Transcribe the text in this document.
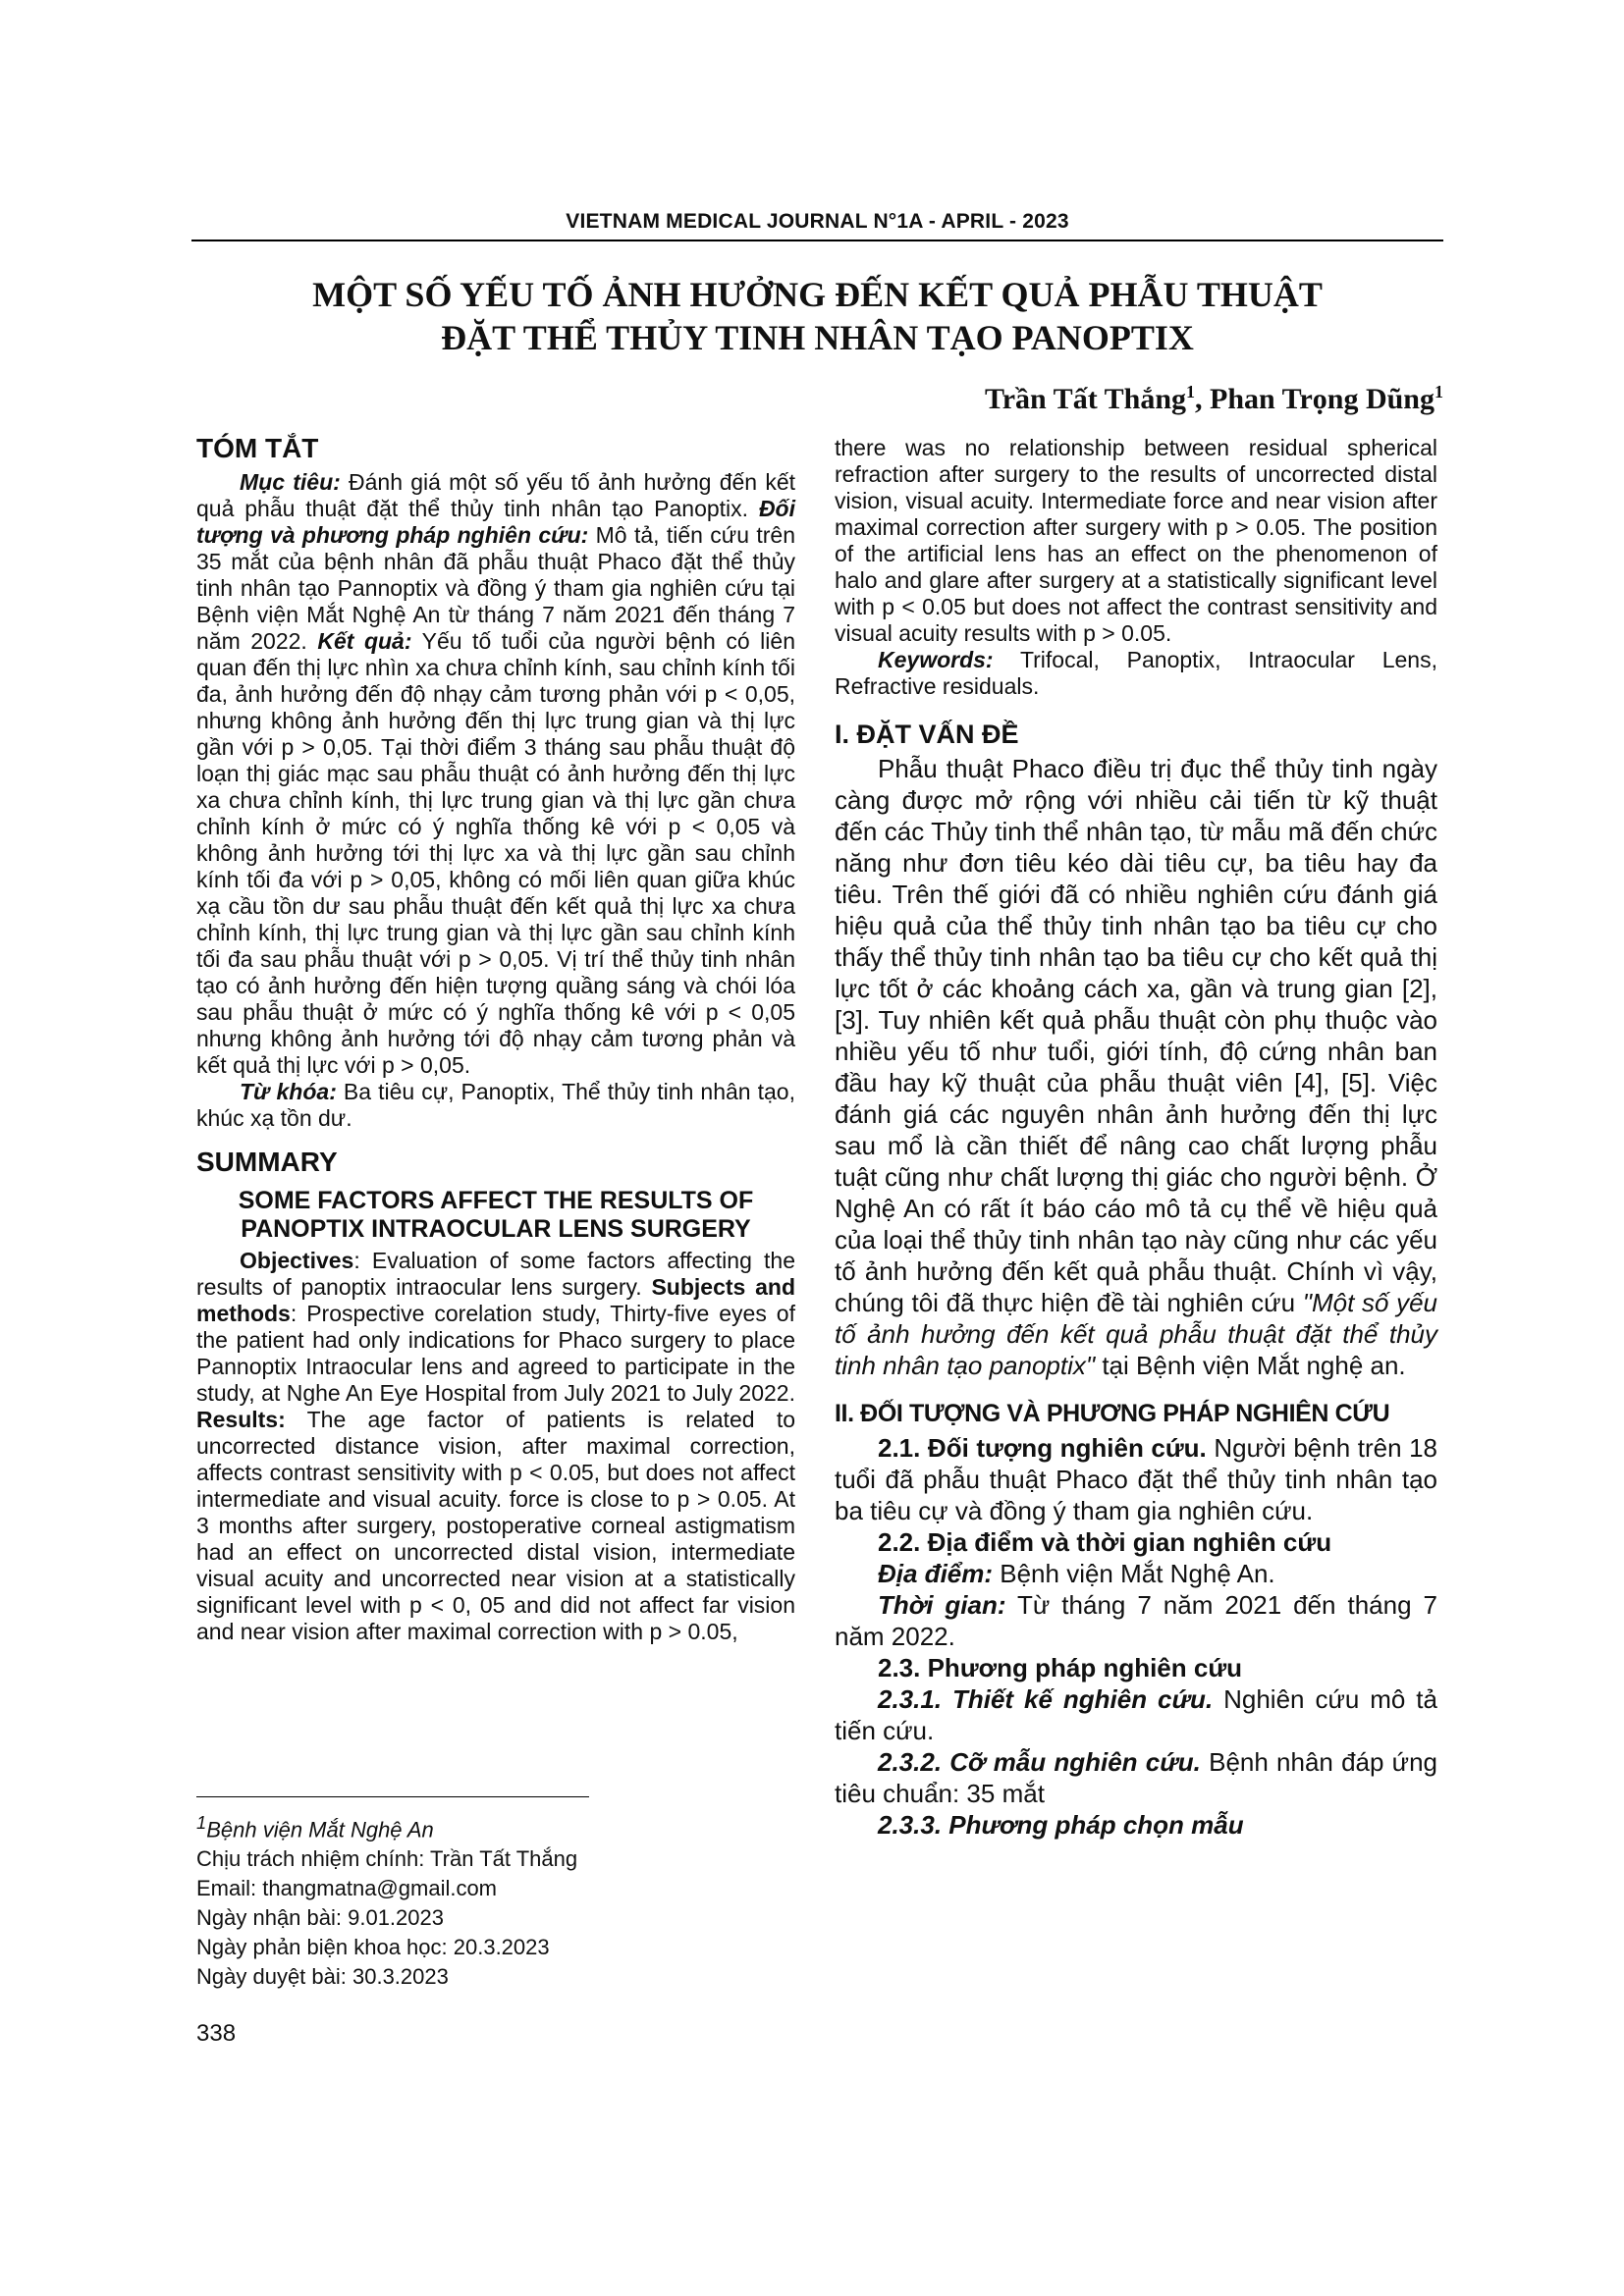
VIETNAM MEDICAL JOURNAL N°1A - APRIL - 2023
MỘT SỐ YẾU TỐ ẢNH HƯỞNG ĐẾN KẾT QUẢ PHẪU THUẬT
ĐẶT THỂ THỦY TINH NHÂN TẠO PANOPTIX
Trần Tất Thắng$^1$, Phan Trọng Dũng$^1$
TÓM TẮT

Mục tiêu: Đánh giá một số yếu tố ảnh hưởng đến kết quả phẫu thuật đặt thể thủy tinh nhân tạo Panoptix. Đối tượng và phương pháp nghiên cứu: Mô tả, tiến cứu trên 35 mắt của bệnh nhân đã phẫu thuật Phaco đặt thể thủy tinh nhân tạo Pannoptix và đồng ý tham gia nghiên cứu tại Bệnh viện Mắt Nghệ An từ tháng 7 năm 2021 đến tháng 7 năm 2022. Kết quả: Yếu tố tuổi của người bệnh có liên quan đến thị lực nhìn xa chưa chỉnh kính, sau chỉnh kính tối đa, ảnh hưởng đến độ nhạy cảm tương phản với p < 0,05, nhưng không ảnh hưởng đến thị lực trung gian và thị lực gần với p > 0,05. Tại thời điểm 3 tháng sau phẫu thuật độ loạn thị giác mạc sau phẫu thuật có ảnh hưởng đến thị lực xa chưa chỉnh kính, thị lực trung gian và thị lực gần chưa chỉnh kính ở mức có ý nghĩa thống kê với p < 0,05 và không ảnh hưởng tới thị lực xa và thị lực gần sau chỉnh kính tối đa với p > 0,05, không có mối liên quan giữa khúc xạ cầu tồn dư sau phẫu thuật đến kết quả thị lực xa chưa chỉnh kính, thị lực trung gian và thị lực gần sau chỉnh kính tối đa sau phẫu thuật với p > 0,05. Vị trí thể thủy tinh nhân tạo có ảnh hưởng đến hiện tượng quầng sáng và chói lóa sau phẫu thuật ở mức có ý nghĩa thống kê với p < 0,05 nhưng không ảnh hưởng tới độ nhạy cảm tương phản và kết quả thị lực với p > 0,05.

Từ khóa: Ba tiêu cự, Panoptix, Thể thủy tinh nhân tạo, khúc xạ tồn dư.

SUMMARY
SOME FACTORS AFFECT THE RESULTS OF PANOPTIX INTRAOCULAR LENS SURGERY

Objectives: Evaluation of some factors affecting the results of panoptix intraocular lens surgery. Subjects and methods: Prospective corelation study, Thirty-five eyes of the patient had only indications for Phaco surgery to place Pannoptix Intraocular lens and agreed to participate in the study, at Nghe An Eye Hospital from July 2021 to July 2022. Results: The age factor of patients is related to uncorrected distance vision, after maximal correction, affects contrast sensitivity with p < 0.05, but does not affect intermediate and visual acuity. force is close to p > 0.05. At 3 months after surgery, postoperative corneal astigmatism had an effect on uncorrected distal vision, intermediate visual acuity and uncorrected near vision at a statistically significant level with p < 0, 05 and did not affect far vision and near vision after maximal correction with p > 0.05,

$^1$Bệnh viện Mắt Nghệ An
Chịu trách nhiệm chính: Trần Tất Thắng
Email: thangmatna@gmail.com
Ngày nhận bài: 9.01.2023
Ngày phản biện khoa học: 20.3.2023
Ngày duyệt bài: 30.3.2023
338

there was no relationship between residual spherical refraction after surgery to the results of uncorrected distal vision, visual acuity. Intermediate force and near vision after maximal correction after surgery with p > 0.05. The position of the artificial lens has an effect on the phenomenon of halo and glare after surgery at a statistically significant level with p < 0.05 but does not affect the contrast sensitivity and visual acuity results with p > 0.05.

Keywords: Trifocal, Panoptix, Intraocular Lens, Refractive residuals.

I. ĐẶT VẤN ĐỀ

Phẫu thuật Phaco điều trị đục thể thủy tinh ngày càng được mở rộng với nhiều cải tiến từ kỹ thuật đến các Thủy tinh thể nhân tạo, từ mẫu mã đến chức năng như đơn tiêu kéo dài tiêu cự, ba tiêu hay đa tiêu. Trên thế giới đã có nhiều nghiên cứu đánh giá hiệu quả của thể thủy tinh nhân tạo ba tiêu cự cho thấy thể thủy tinh nhân tạo ba tiêu cự cho kết quả thị lực tốt ở các khoảng cách xa, gần và trung gian [2], [3]. Tuy nhiên kết quả phẫu thuật còn phụ thuộc vào nhiều yếu tố như tuổi, giới tính, độ cứng nhân ban đầu hay kỹ thuật của phẫu thuật viên [4], [5]. Việc đánh giá các nguyên nhân ảnh hưởng đến thị lực sau mổ là cần thiết để nâng cao chất lượng phẫu tuật cũng như chất lượng thị giác cho người bệnh. Ở Nghệ An có rất ít báo cáo mô tả cụ thể về hiệu quả của loại thể thủy tinh nhân tạo này cũng như các yếu tố ảnh hưởng đến kết quả phẫu thuật. Chính vì vậy, chúng tôi đã thực hiện đề tài nghiên cứu "Một số yếu tố ảnh hưởng đến kết quả phẫu thuật đặt thể thủy tinh nhân tạo panoptix" tại Bệnh viện Mắt nghệ an.

II. ĐỐI TƯỢNG VÀ PHƯƠNG PHÁP NGHIÊN CỨU

2.1. Đối tượng nghiên cứu. Người bệnh trên 18 tuổi đã phẫu thuật Phaco đặt thể thủy tinh nhân tạo ba tiêu cự và đồng ý tham gia nghiên cứu.

2.2. Địa điểm và thời gian nghiên cứu

Địa điểm: Bệnh viện Mắt Nghệ An.

Thời gian: Từ tháng 7 năm 2021 đến tháng 7 năm 2022.

2.3. Phương pháp nghiên cứu

2.3.1. Thiết kế nghiên cứu. Nghiên cứu mô tả tiến cứu.

2.3.2. Cỡ mẫu nghiên cứu. Bệnh nhân đáp ứng tiêu chuẩn: 35 mắt

2.3.3. Phương pháp chọn mẫu
